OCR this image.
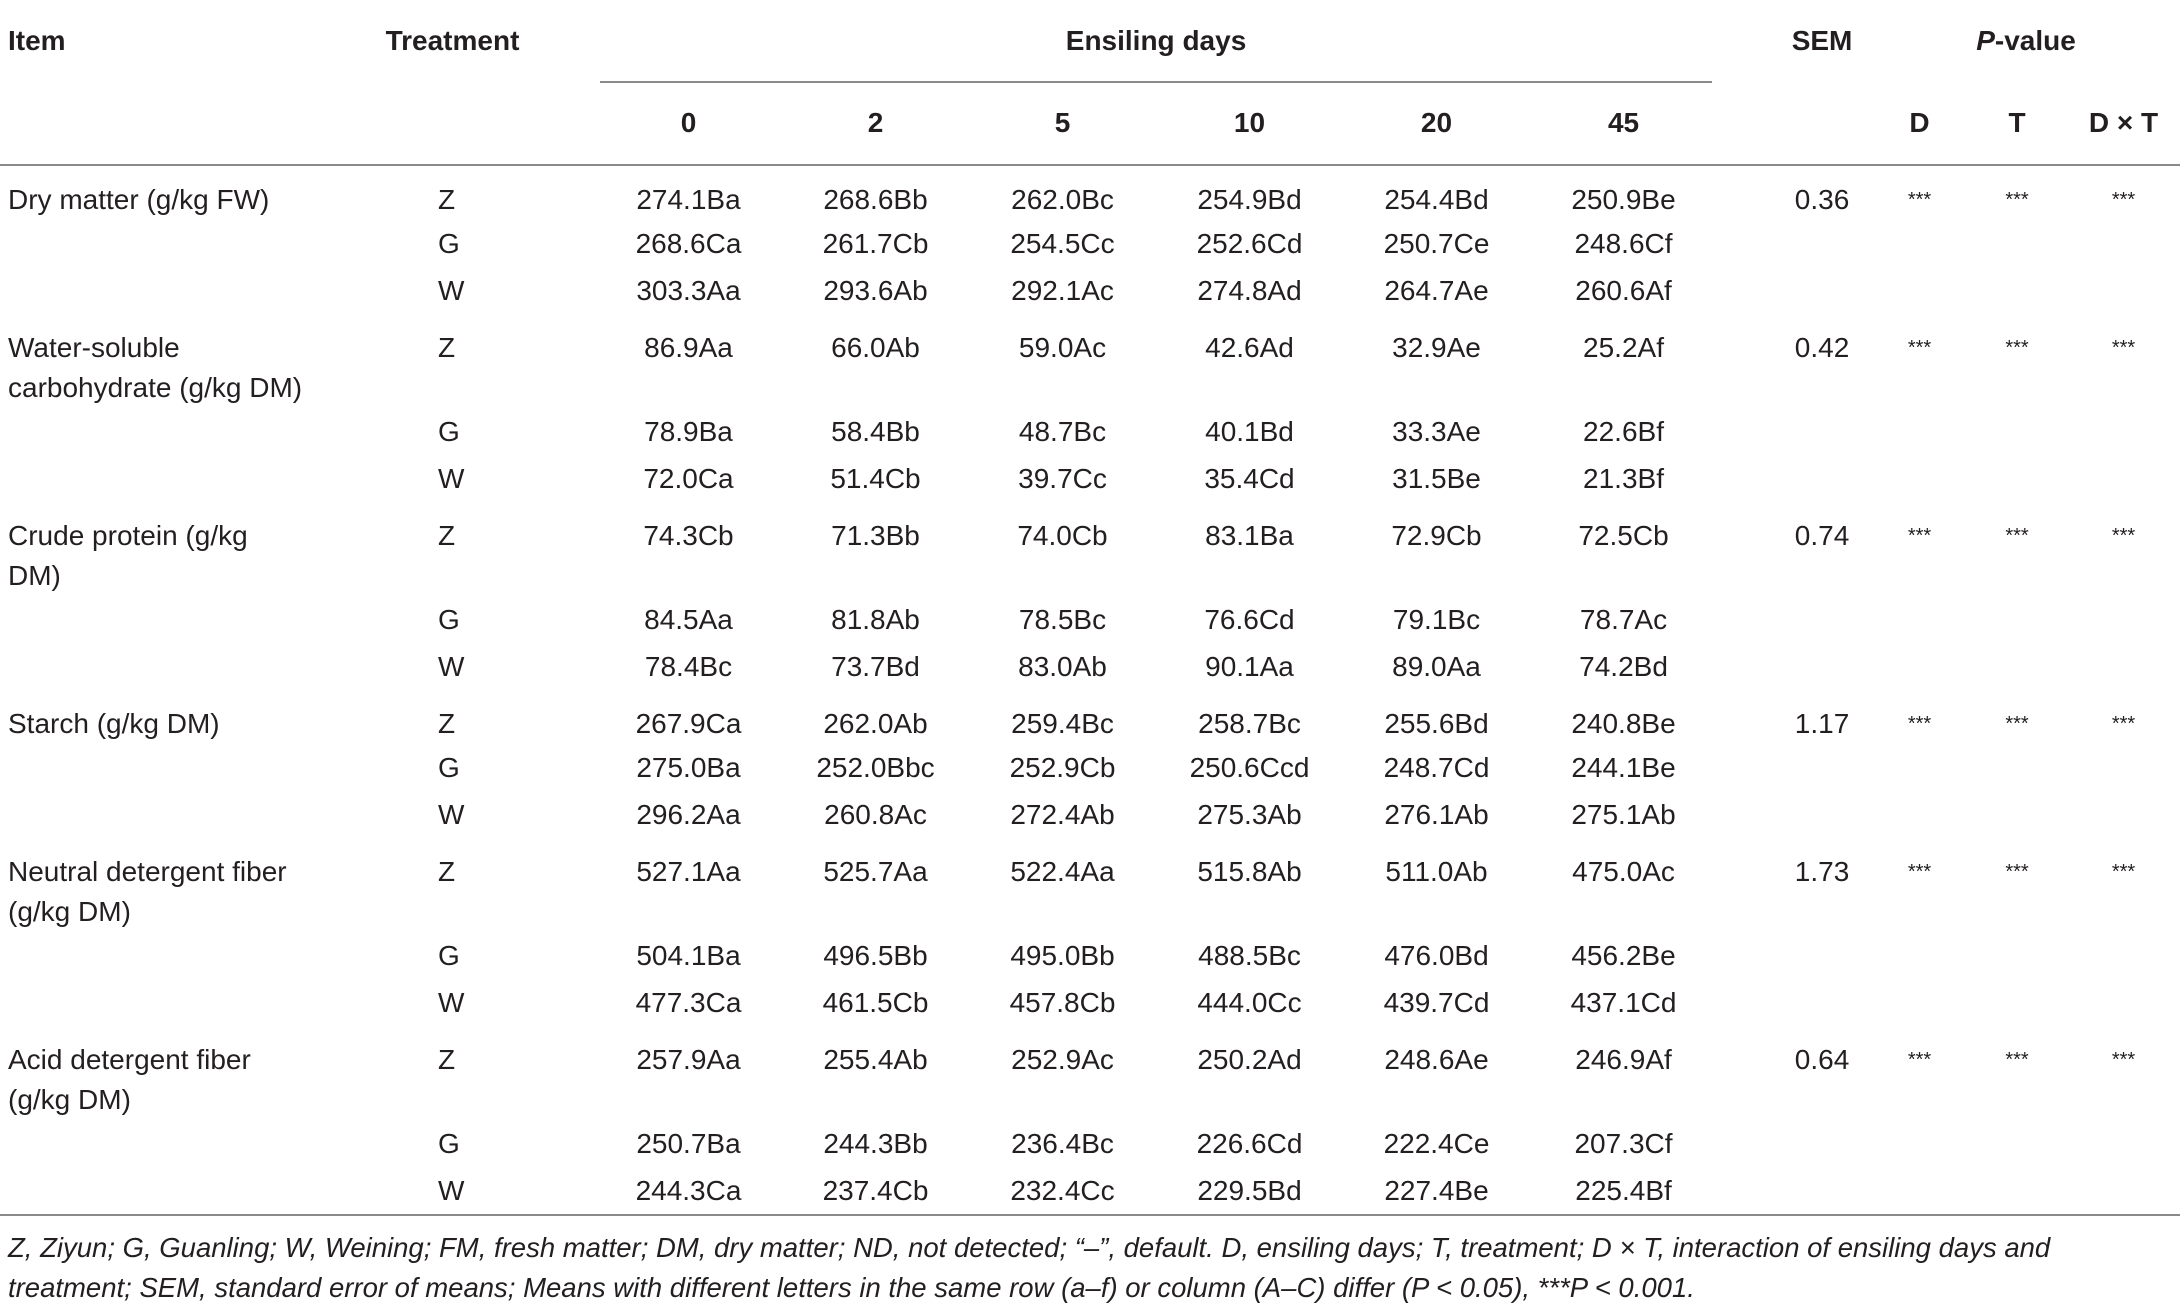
Item	Treatment		Ensiling days							SEM	P-value		
			0	2	5	10	20	45			D	T	D × T

Dry matter (g/kg FW)	Z		274.1Ba	268.6Bb	262.0Bc	254.9Bd	254.4Bd	250.9Be		0.36	***	***	***
	G		268.6Ca	261.7Cb	254.5Cc	252.6Cd	250.7Ce	248.6Cf					
	W		303.3Aa	293.6Ab	292.1Ac	274.8Ad	264.7Ae	260.6Af					

Water-soluble carbohydrate (g/kg DM)	Z		86.9Aa	66.0Ab	59.0Ac	42.6Ad	32.9Ae	25.2Af		0.42	***	***	***
	G		78.9Ba	58.4Bb	48.7Bc	40.1Bd	33.3Ae	22.6Bf					
	W		72.0Ca	51.4Cb	39.7Cc	35.4Cd	31.5Be	21.3Bf					

Crude protein (g/kg DM)	Z		74.3Cb	71.3Bb	74.0Cb	83.1Ba	72.9Cb	72.5Cb		0.74	***	***	***
	G		84.5Aa	81.8Ab	78.5Bc	76.6Cd	79.1Bc	78.7Ac					
	W		78.4Bc	73.7Bd	83.0Ab	90.1Aa	89.0Aa	74.2Bd					

Starch (g/kg DM)	Z		267.9Ca	262.0Ab	259.4Bc	258.7Bc	255.6Bd	240.8Be		1.17	***	***	***
	G		275.0Ba	252.0Bbc	252.9Cb	250.6Ccd	248.7Cd	244.1Be					
	W		296.2Aa	260.8Ac	272.4Ab	275.3Ab	276.1Ab	275.1Ab					

Neutral detergent fiber (g/kg DM)	Z		527.1Aa	525.7Aa	522.4Aa	515.8Ab	511.0Ab	475.0Ac		1.73	***	***	***
	G		504.1Ba	496.5Bb	495.0Bb	488.5Bc	476.0Bd	456.2Be					
	W		477.3Ca	461.5Cb	457.8Cb	444.0Cc	439.7Cd	437.1Cd					

Acid detergent fiber (g/kg DM)	Z		257.9Aa	255.4Ab	252.9Ac	250.2Ad	248.6Ae	246.9Af		0.64	***	***	***
	G		250.7Ba	244.3Bb	236.4Bc	226.6Cd	222.4Ce	207.3Cf					
	W		244.3Ca	237.4Cb	232.4Cc	229.5Bd	227.4Be	225.4Bf					
Z, Ziyun; G, Guanling; W, Weining; FM, fresh matter; DM, dry matter; ND, not detected; “–”, default. D, ensiling days; T, treatment; D × T, interaction of ensiling days and treatment; SEM, standard error of means; Means with different letters in the same row (a–f) or column (A–C) differ (P < 0.05), ***P < 0.001.
